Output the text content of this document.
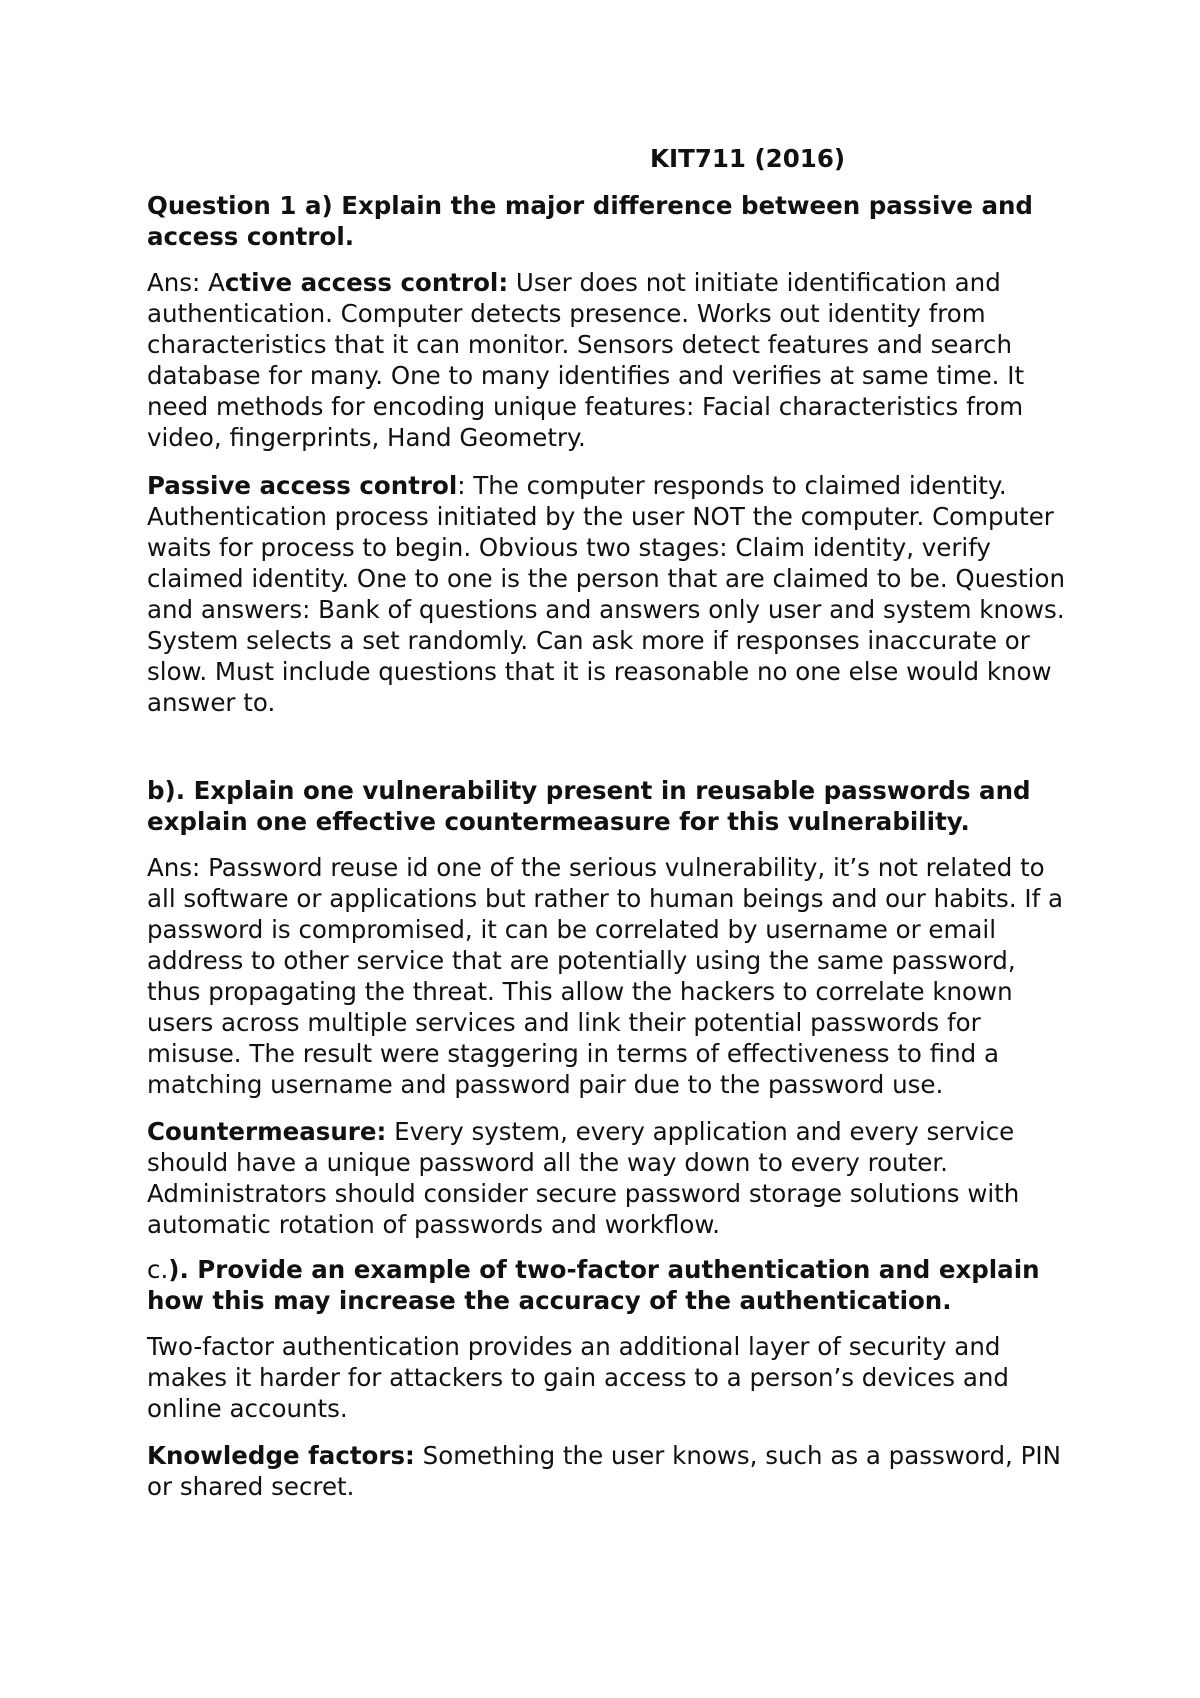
KIT711 (2016)

Question 1 a) Explain the major difference between passive and access control.

Ans: Active access control: User does not initiate identification and authentication. Computer detects presence. Works out identity from characteristics that it can monitor. Sensors detect features and search database for many. One to many identifies and verifies at same time. It need methods for encoding unique features: Facial characteristics from video, fingerprints, Hand Geometry.

Passive access control: The computer responds to claimed identity. Authentication process initiated by the user NOT the computer. Computer waits for process to begin. Obvious two stages: Claim identity, verify claimed identity. One to one is the person that are claimed to be. Question and answers: Bank of questions and answers only user and system knows. System selects a set randomly. Can ask more if responses inaccurate or slow. Must include questions that it is reasonable no one else would know answer to.

b). Explain one vulnerability present in reusable passwords and explain one effective countermeasure for this vulnerability.

Ans: Password reuse id one of the serious vulnerability, it’s not related to all software or applications but rather to human beings and our habits. If a password is compromised, it can be correlated by username or email address to other service that are potentially using the same password, thus propagating the threat. This allow the hackers to correlate known users across multiple services and link their potential passwords for misuse. The result were staggering in terms of effectiveness to find a matching username and password pair due to the password use.

Countermeasure: Every system, every application and every service should have a unique password all the way down to every router. Administrators should consider secure password storage solutions with automatic rotation of passwords and workflow.

c.). Provide an example of two-factor authentication and explain how this may increase the accuracy of the authentication.

Two-factor authentication provides an additional layer of security and makes it harder for attackers to gain access to a person’s devices and online accounts.

Knowledge factors: Something the user knows, such as a password, PIN or shared secret.
